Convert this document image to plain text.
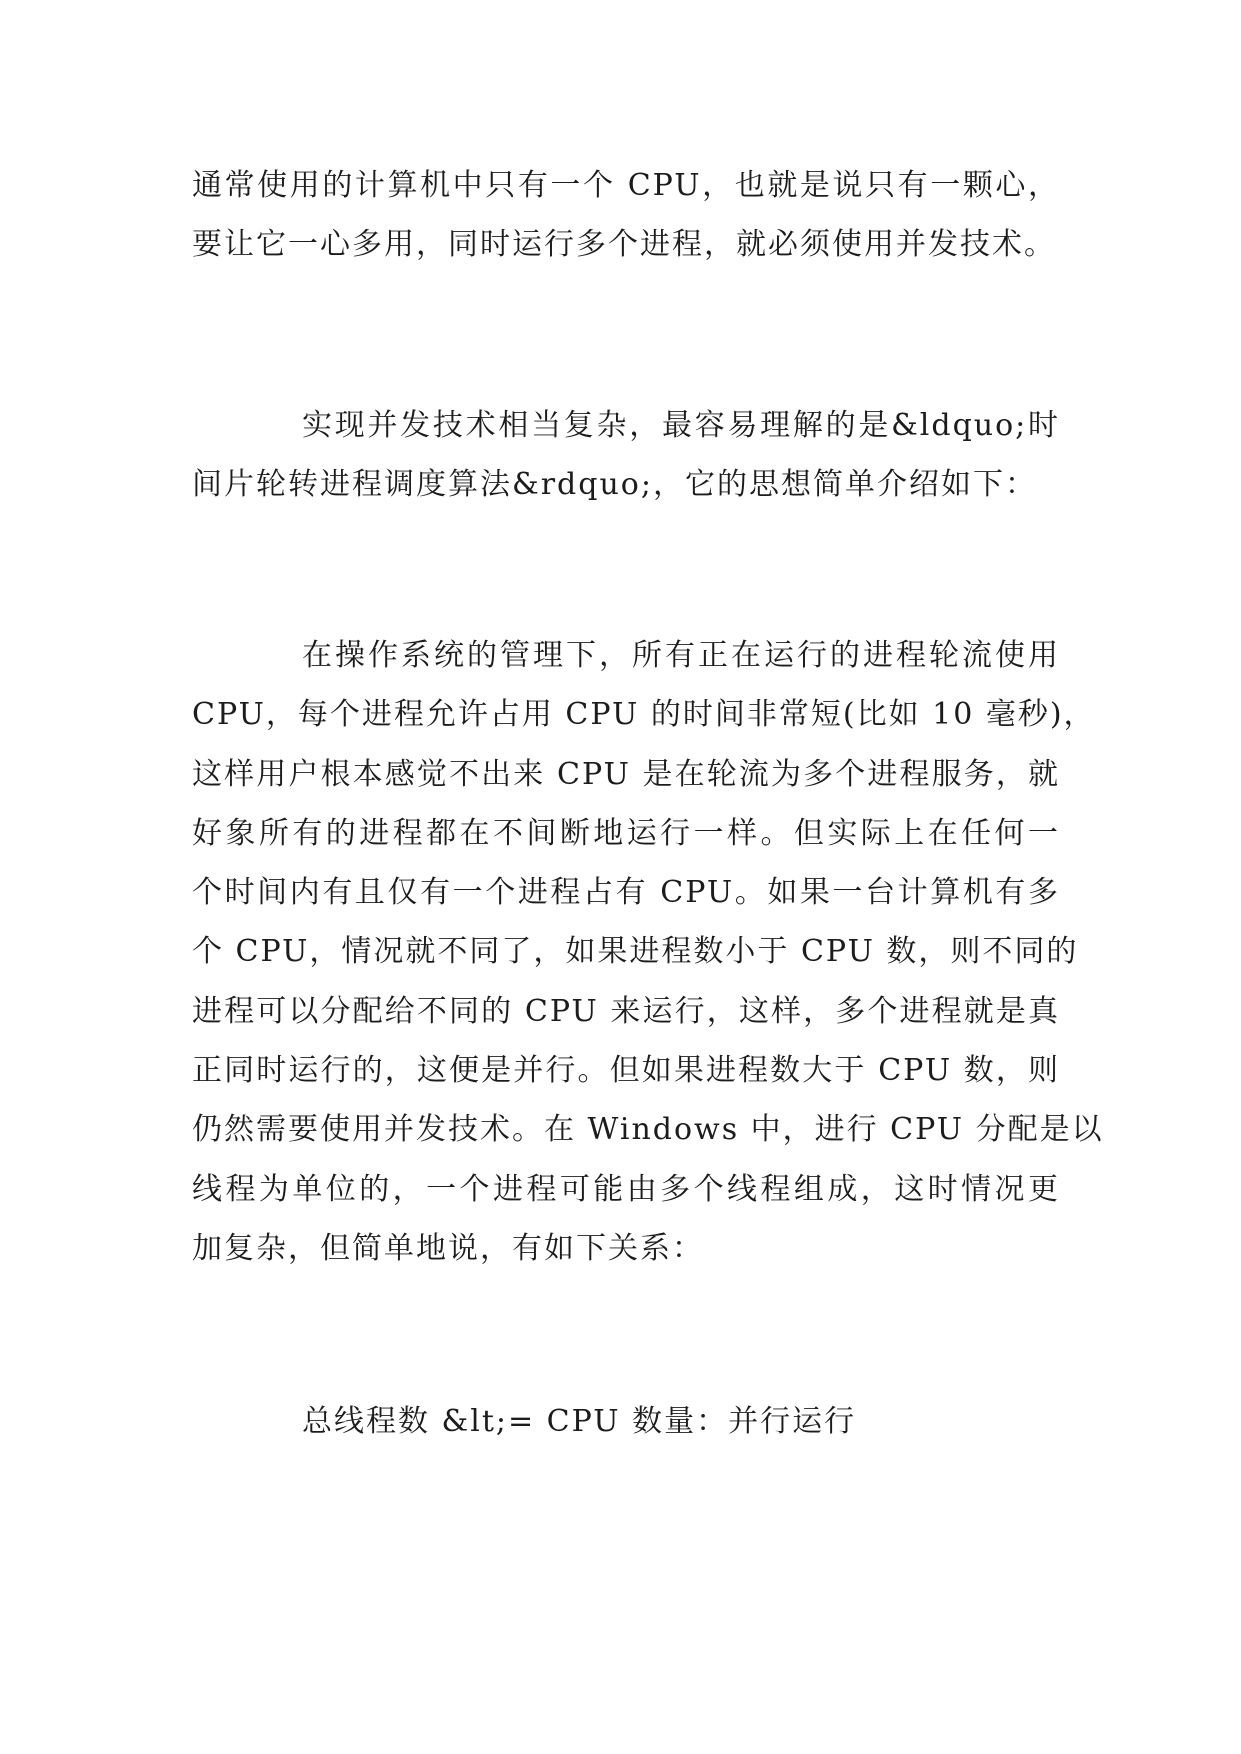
通常使用的计算机中只有一个 CPU，也就是说只有一颗心，
要让它一心多用，同时运行多个进程，就必须使用并发技术。
实现并发技术相当复杂，最容易理解的是&ldquo;时
间片轮转进程调度算法&rdquo;，它的思想简单介绍如下：
在操作系统的管理下，所有正在运行的进程轮流使用
CPU，每个进程允许占用 CPU 的时间非常短(比如 10 毫秒)，
这样用户根本感觉不出来 CPU 是在轮流为多个进程服务，就
好象所有的进程都在不间断地运行一样。但实际上在任何一
个时间内有且仅有一个进程占有 CPU。如果一台计算机有多
个 CPU，情况就不同了，如果进程数小于 CPU 数，则不同的
进程可以分配给不同的 CPU 来运行，这样，多个进程就是真
正同时运行的，这便是并行。但如果进程数大于 CPU 数，则
仍然需要使用并发技术。在 Windows 中，进行 CPU 分配是以
线程为单位的，一个进程可能由多个线程组成，这时情况更
加复杂，但简单地说，有如下关系：
总线程数 &lt;= CPU 数量：并行运行
